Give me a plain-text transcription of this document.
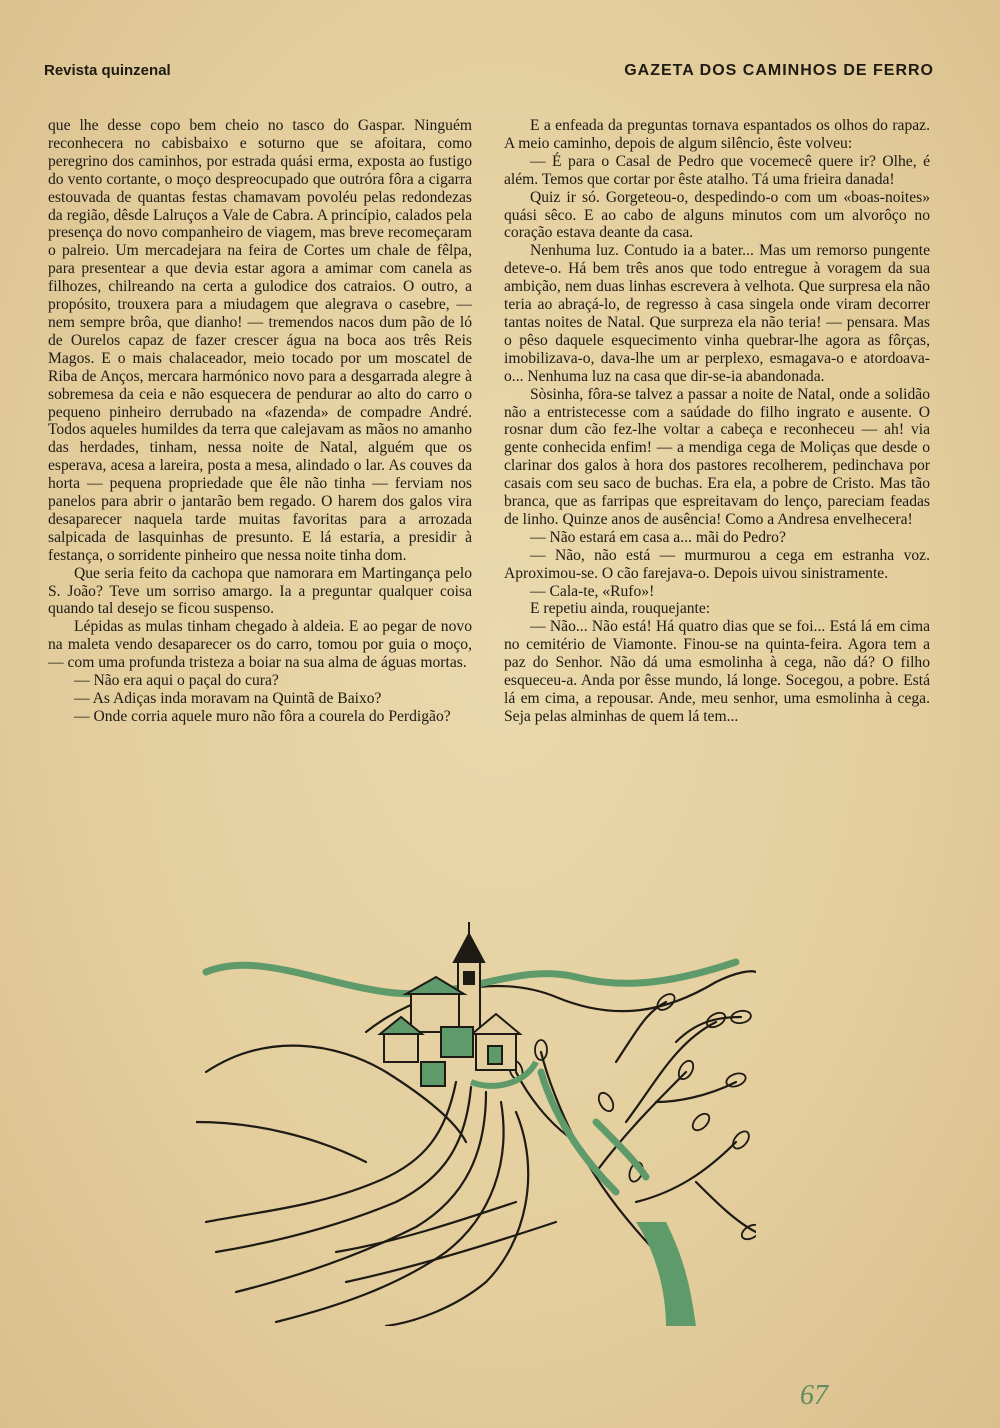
Revista quinzenal	GAZETA DOS CAMINHOS DE FERRO

que lhe desse copo bem cheio no tasco do Gaspar. Ninguém reconhecera no cabisbaixo e soturno que se afoitara, como peregrino dos caminhos, por estrada quási erma, exposta ao fustigo do vento cortante, o moço despreocupado que outróra fôra a cigarra estouvada de quantas festas chamavam povoléu pelas redondezas da região, dêsde Lalruços a Vale de Cabra. A princípio, calados pela presença do novo companheiro de viagem, mas breve recomeçaram o palreio. Um mercadejara na feira de Cortes um chale de fêlpa, para presentear a que devia estar agora a amimar com canela as filhozes, chilreando na certa a gulodice dos catraios. O outro, a propósito, trouxera para a miudagem que alegrava o casebre, — nem sempre brôa, que dianho! — tremendos nacos dum pão de ló de Ourelos capaz de fazer crescer água na boca aos três Reis Magos. E o mais chalaceador, meio tocado por um moscatel de Riba de Anços, mercara harmónico novo para a desgarrada alegre à sobremesa da ceia e não esquecera de pendurar ao alto do carro o pequeno pinheiro derrubado na «fazenda» de compadre André. Todos aqueles humildes da terra que calejavam as mãos no amanho das herdades, tinham, nessa noite de Natal, alguém que os esperava, acesa a lareira, posta a mesa, alindado o lar. As couves da horta — pequena propriedade que êle não tinha — ferviam nos panelos para abrir o jantarão bem regado. O harem dos galos vira desaparecer naquela tarde muitas favoritas para a arrozada salpicada de lasquinhas de presunto. E lá estaria, a presidir à festança, o sorridente pinheiro que nessa noite tinha dom.

Que seria feito da cachopa que namorara em Martingança pelo S. João? Teve um sorriso amargo. Ia a preguntar qualquer coisa quando tal desejo se ficou suspenso.

Lépidas as mulas tinham chegado à aldeia. E ao pegar de novo na maleta vendo desaparecer os do carro, tomou por guia o moço, — com uma profunda tristeza a boiar na sua alma de águas mortas.

— Não era aqui o paçal do cura?

— As Adiças inda moravam na Quintã de Baixo?

— Onde corria aquele muro não fôra a courela do Perdigão?

E a enfeada da preguntas tornava espantados os olhos do rapaz. A meio caminho, depois de algum silêncio, êste volveu:

— É para o Casal de Pedro que vocemecê quere ir? Olhe, é além. Temos que cortar por êste atalho. Tá uma frieira danada!

Quiz ir só. Gorgeteou-o, despedindo-o com um «boas-noites» quási sêco. E ao cabo de alguns minutos com um alvorôço no coração estava deante da casa.

Nenhuma luz. Contudo ia a bater... Mas um remorso pungente deteve-o. Há bem três anos que todo entregue à voragem da sua ambição, nem duas linhas escrevera à velhota. Que surpresa ela não teria ao abraçá-lo, de regresso à casa singela onde viram decorrer tantas noites de Natal. Que surpreza ela não teria! — pensara. Mas o pêso daquele esquecimento vinha quebrar-lhe agora as fôrças, imobilizava-o, dava-lhe um ar perplexo, esmagava-o e atordoava-o... Nenhuma luz na casa que dir-se-ia abandonada.

Sòsinha, fôra-se talvez a passar a noite de Natal, onde a solidão não a entristecesse com a saúdade do filho ingrato e ausente. O rosnar dum cão fez-lhe voltar a cabeça e reconheceu — ah! via gente conhecida enfim! — a mendiga cega de Moliças que desde o clarinar dos galos à hora dos pastores recolherem, pedinchava por casais com seu saco de buchas. Era ela, a pobre de Cristo. Mas tão branca, que as farripas que espreitavam do lenço, pareciam feadas de linho. Quinze anos de ausência! Como a Andresa envelhecera!

— Não estará em casa a... mãi do Pedro?

— Não, não está — murmurou a cega em estranha voz. Aproximou-se. O cão farejava-o. Depois uivou sinistramente.

— Cala-te, «Rufo»!

E repetiu ainda, rouquejante:

— Não... Não está! Há quatro dias que se foi... Está lá em cima no cemitério de Viamonte. Finou-se na quinta-feira. Agora tem a paz do Senhor. Não dá uma esmolinha à cega, não dá? O filho esqueceu-a. Anda por êsse mundo, lá longe. Socegou, a pobre. Está lá em cima, a repousar. Ande, meu senhor, uma esmolinha à cega. Seja pelas alminhas de quem lá tem...

67
